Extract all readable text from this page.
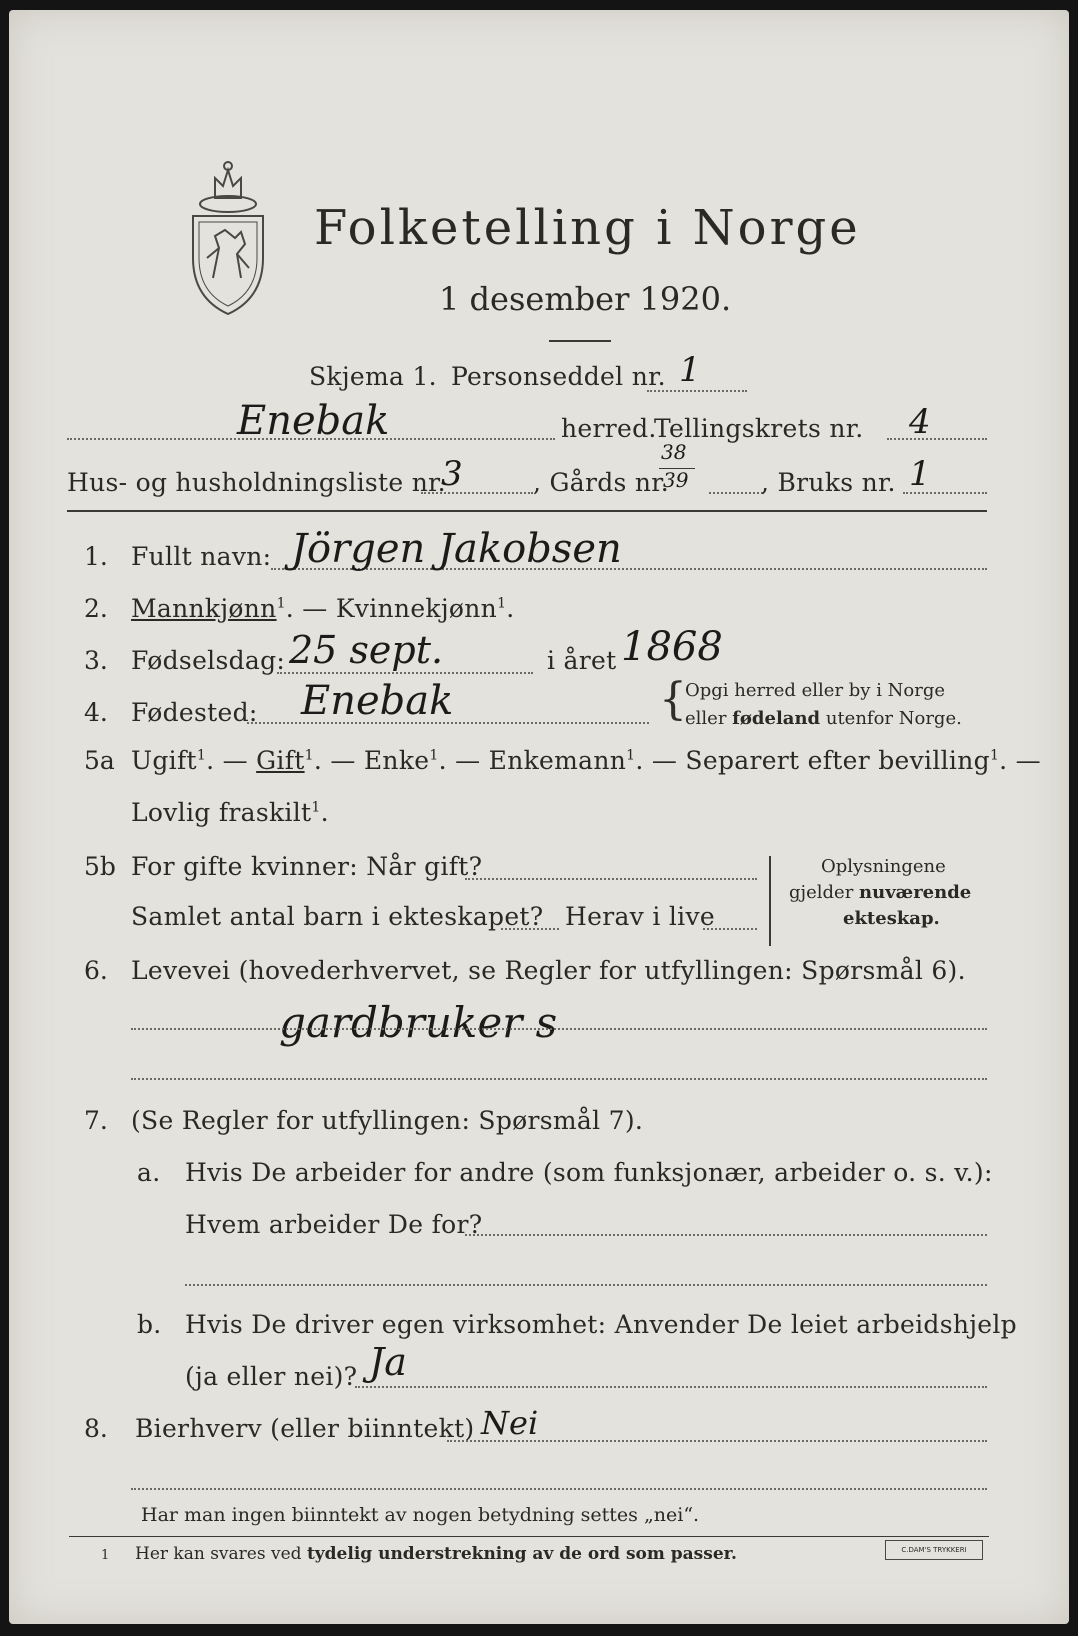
Folketelling i Norge
1 desember 1920.
Skjema 1. Personseddel nr. 1
Enebak	herred.
Tellingskrets nr. 4
Hus- og husholdningsliste nr.
3	, Gårds nr.
38
39	, Bruks nr. 1
1. Fullt navn: Jörgen Jakobsen
2. Mannkjønn$^1$. — Kvinnekjønn$^1$.
3. Fødselsdag: 25 sept.	i året 1868
4. Fødested: Enebak	{
Opgi herred eller by i Norge
eller fødeland utenfor Norge.
5a Ugift$^1$. — Gift$^1$. — Enke$^1$. — Enkemann$^1$. — Separert efter bevilling$^1$. —
Lovlig fraskilt$^1$.
5b For gifte kvinner: Når gift?
Samlet antal barn i ekteskapet? Herav i live
Oplysningene
gjelder nuværende
ekteskap.
6. Levevei (hovederhvervet, se Regler for utfyllingen: Spørsmål 6).
gardbruker s
7. (Se Regler for utfyllingen: Spørsmål 7).
a. Hvis De arbeider for andre (som funksjonær, arbeider o. s. v.):
Hvem arbeider De for?
b. Hvis De driver egen virksomhet: Anvender De leiet arbeidshjelp
(ja eller nei)? Ja
8. Bierhverv (eller biinntekt) Nei
Har man ingen biinntekt av nogen betydning settes „nei“.
1 Her kan svares ved tydelig understrekning av de ord som passer.	C.DAM'S TRYKKERI
